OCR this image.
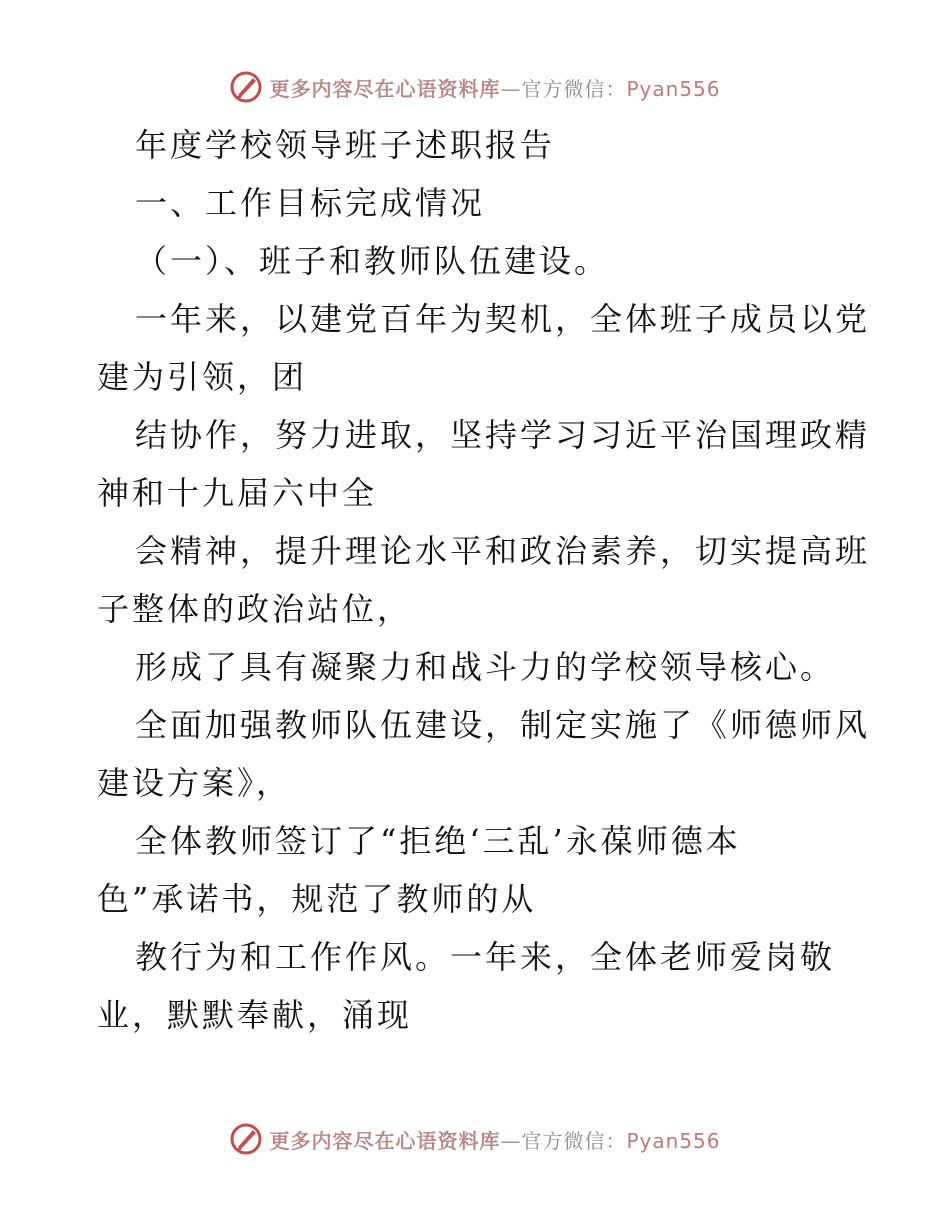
更多内容尽在心语资料库—官方微信：Pyan556
年度学校领导班子述职报告
一、工作目标完成情况
（一）、班子和教师队伍建设。
一年来，以建党百年为契机，全体班子成员以党
建为引领，团
结协作，努力进取，坚持学习习近平治国理政精
神和十九届六中全
会精神，提升理论水平和政治素养，切实提高班
子整体的政治站位，
形成了具有凝聚力和战斗力的学校领导核心。
全面加强教师队伍建设，制定实施了《师德师风
建设方案》，
全体教师签订了“拒绝‘三乱’永葆师德本
色”承诺书，规范了教师的从
教行为和工作作风。一年来，全体老师爱岗敬
业，默默奉献，涌现
更多内容尽在心语资料库—官方微信：Pyan556
